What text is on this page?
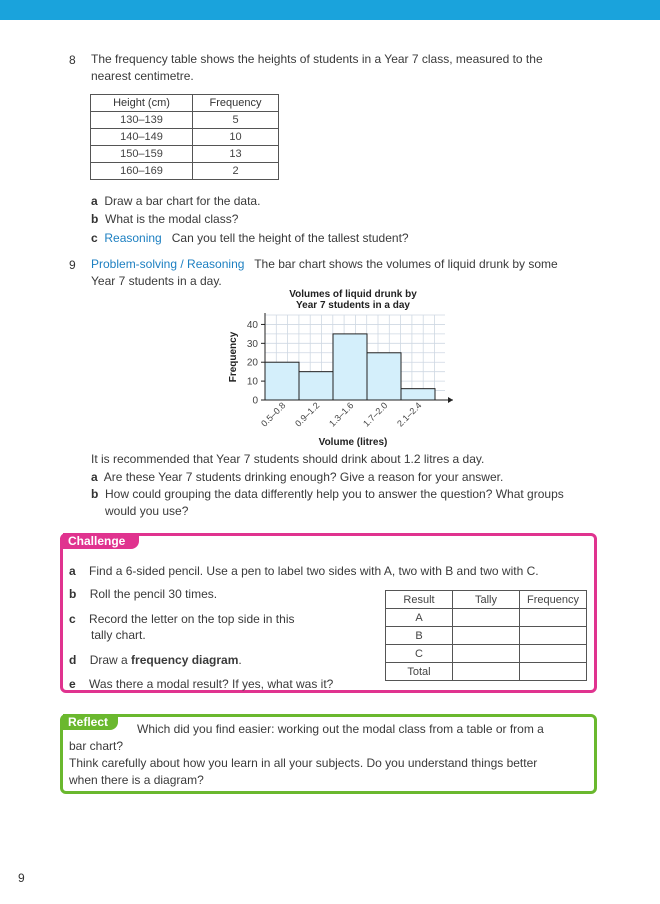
8 The frequency table shows the heights of students in a Year 7 class, measured to the
nearest centimetre.
Height (cm)	Frequency
130–139	5
140–149	10
150–159	13
160–169	2
a Draw a bar chart for the data.
b What is the modal class?
c Reasoning Can you tell the height of the tallest student?
9 Problem-solving / Reasoning The bar chart shows the volumes of liquid drunk by some
Year 7 students in a day.
Volumes of liquid drunk by
Year 7 students in a day
0
10
20
30
40
0.5–0.8 0.9–1.2 1.3–1.6 1.7–2.0 2.1–2.4
Frequency
Volume (litres)
It is recommended that Year 7 students should drink about 1.2 litres a day.
a Are these Year 7 students drinking enough? Give a reason for your answer.
b How could grouping the data differently help you to answer the question? What groups
would you use?
Challenge
a Find a 6-sided pencil. Use a pen to label two sides with A, two with B and two with C.
b Roll the pencil 30 times.
c Record the letter on the top side in this
tally chart.
d Draw a frequency diagram.
e Was there a modal result? If yes, what was it?
Result	Tally	Frequency
A		
B		
C		
Total		
Reflect	Which did you find easier: working out the modal class from a table or from a
bar chart?
Think carefully about how you learn in all your subjects. Do you understand things better
when there is a diagram?
9
